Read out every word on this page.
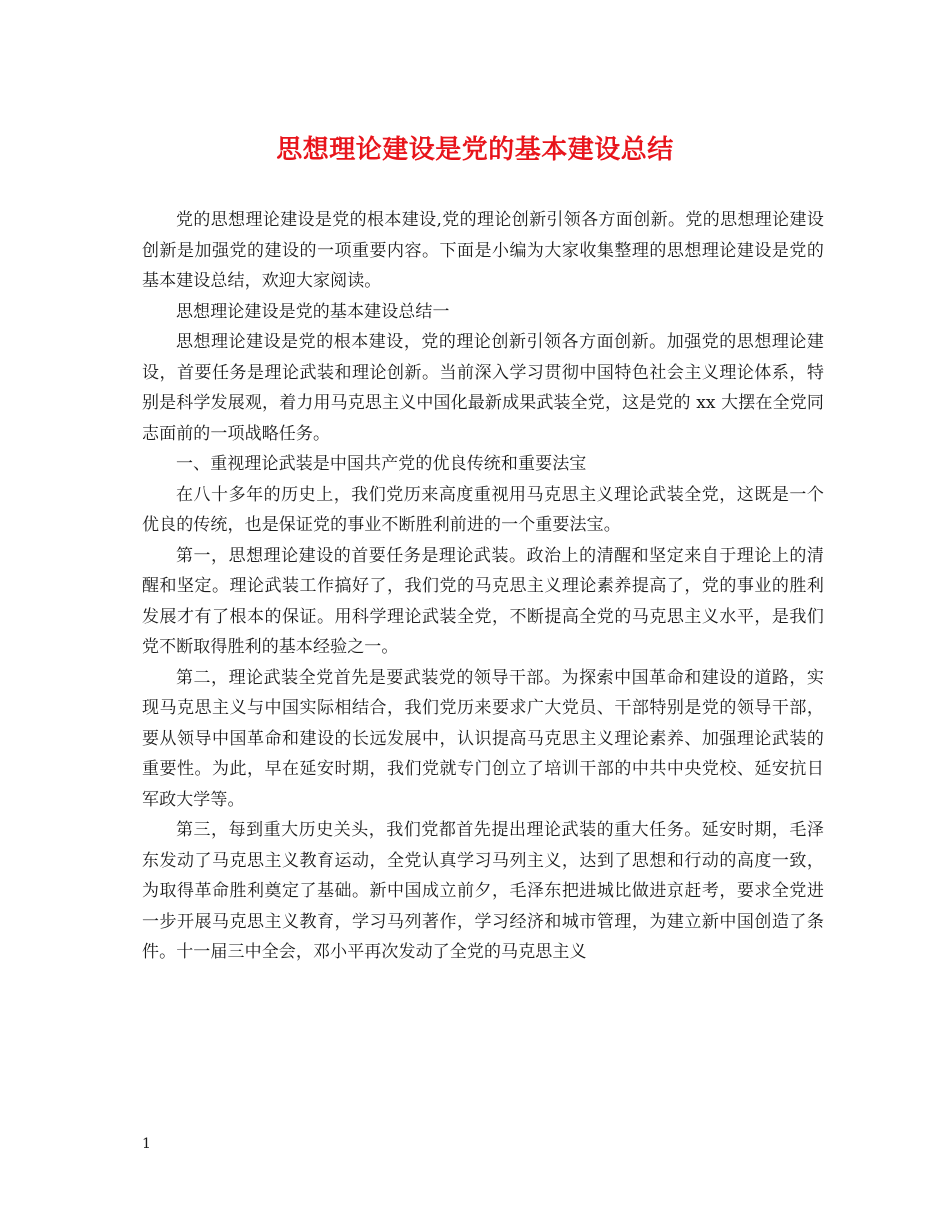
思想理论建设是党的基本建设总结

党的思想理论建设是党的根本建设,党的理论创新引领各方面创新。党的思想理论建设创新是加强党的建设的一项重要内容。下面是小编为大家收集整理的思想理论建设是党的基本建设总结，欢迎大家阅读。

思想理论建设是党的基本建设总结一

思想理论建设是党的根本建设，党的理论创新引领各方面创新。加强党的思想理论建设，首要任务是理论武装和理论创新。当前深入学习贯彻中国特色社会主义理论体系，特别是科学发展观，着力用马克思主义中国化最新成果武装全党，这是党的 xx 大摆在全党同志面前的一项战略任务。

一、重视理论武装是中国共产党的优良传统和重要法宝

在八十多年的历史上，我们党历来高度重视用马克思主义理论武装全党，这既是一个优良的传统，也是保证党的事业不断胜利前进的一个重要法宝。

第一，思想理论建设的首要任务是理论武装。政治上的清醒和坚定来自于理论上的清醒和坚定。理论武装工作搞好了，我们党的马克思主义理论素养提高了，党的事业的胜利发展才有了根本的保证。用科学理论武装全党，不断提高全党的马克思主义水平，是我们党不断取得胜利的基本经验之一。

第二，理论武装全党首先是要武装党的领导干部。为探索中国革命和建设的道路，实现马克思主义与中国实际相结合，我们党历来要求广大党员、干部特别是党的领导干部，要从领导中国革命和建设的长远发展中，认识提高马克思主义理论素养、加强理论武装的重要性。为此，早在延安时期，我们党就专门创立了培训干部的中共中央党校、延安抗日军政大学等。

第三，每到重大历史关头，我们党都首先提出理论武装的重大任务。延安时期，毛泽东发动了马克思主义教育运动，全党认真学习马列主义，达到了思想和行动的高度一致，为取得革命胜利奠定了基础。新中国成立前夕，毛泽东把进城比做进京赶考，要求全党进一步开展马克思主义教育，学习马列著作，学习经济和城市管理，为建立新中国创造了条件。十一届三中全会，邓小平再次发动了全党的马克思主义

1
